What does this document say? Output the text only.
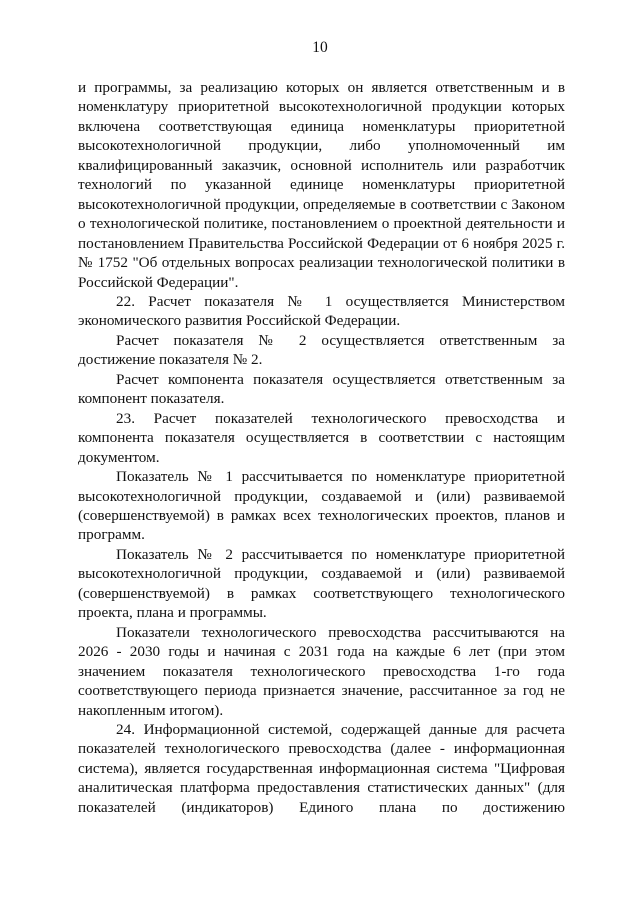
10

и программы, за реализацию которых он является ответственным и в номенклатуру приоритетной высокотехнологичной продукции которых включена соответствующая единица номенклатуры приоритетной высокотехнологичной продукции, либо уполномоченный им квалифицированный заказчик, основной исполнитель или разработчик технологий по указанной единице номенклатуры приоритетной высокотехнологичной продукции, определяемые в соответствии с Законом о технологической политике, постановлением о проектной деятельности и постановлением Правительства Российской Федерации от 6 ноября 2025 г. № 1752 "Об отдельных вопросах реализации технологической политики в Российской Федерации".

22. Расчет показателя № 1 осуществляется Министерством экономического развития Российской Федерации.

Расчет показателя № 2 осуществляется ответственным за достижение показателя № 2.

Расчет компонента показателя осуществляется ответственным за компонент показателя.

23. Расчет показателей технологического превосходства и компонента показателя осуществляется в соответствии с настоящим документом.

Показатель № 1 рассчитывается по номенклатуре приоритетной высокотехнологичной продукции, создаваемой и (или) развиваемой (совершенствуемой) в рамках всех технологических проектов, планов и программ.

Показатель № 2 рассчитывается по номенклатуре приоритетной высокотехнологичной продукции, создаваемой и (или) развиваемой (совершенствуемой) в рамках соответствующего технологического проекта, плана и программы.

Показатели технологического превосходства рассчитываются на 2026 - 2030 годы и начиная с 2031 года на каждые 6 лет (при этом значением показателя технологического превосходства 1-го года соответствующего периода признается значение, рассчитанное за год не накопленным итогом).

24. Информационной системой, содержащей данные для расчета показателей технологического превосходства (далее - информационная система), является государственная информационная система "Цифровая аналитическая платформа предоставления статистических данных" (для показателей (индикаторов) Единого плана по достижению
